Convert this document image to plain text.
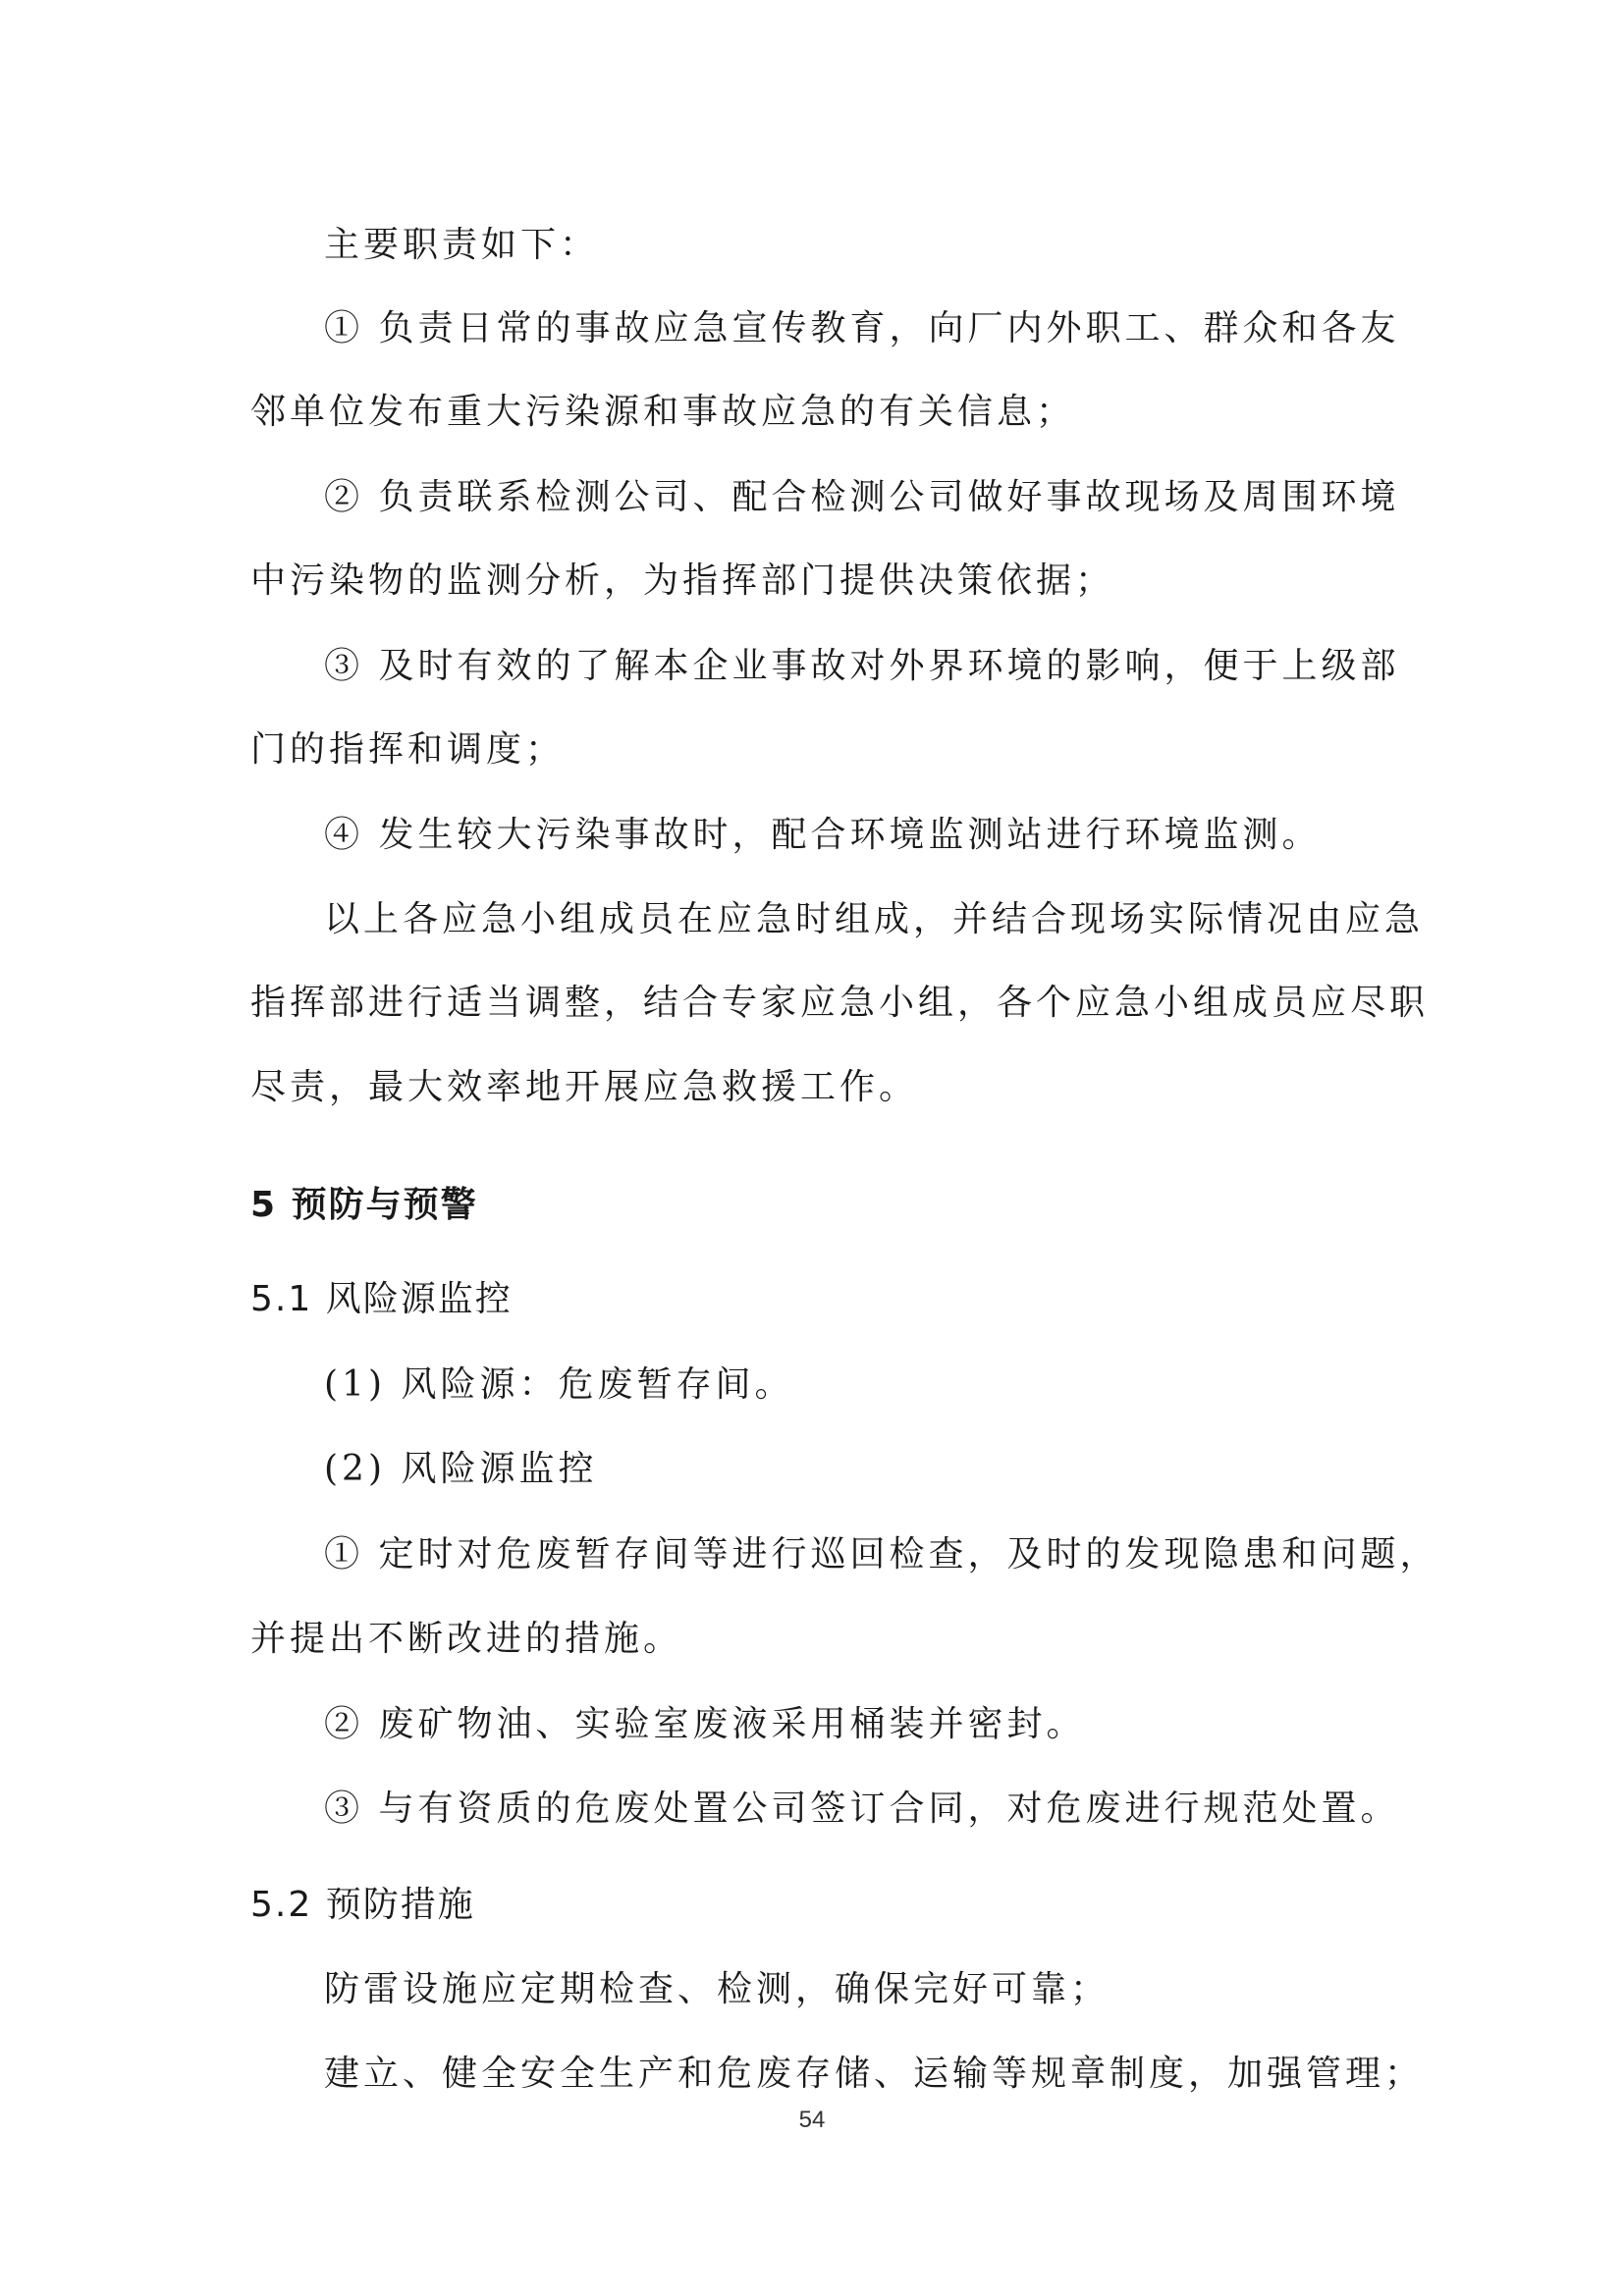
主要职责如下：
① 负责日常的事故应急宣传教育，向厂内外职工、群众和各友
邻单位发布重大污染源和事故应急的有关信息；
② 负责联系检测公司、配合检测公司做好事故现场及周围环境
中污染物的监测分析，为指挥部门提供决策依据；
③ 及时有效的了解本企业事故对外界环境的影响，便于上级部
门的指挥和调度；
④ 发生较大污染事故时，配合环境监测站进行环境监测。
以上各应急小组成员在应急时组成，并结合现场实际情况由应急
指挥部进行适当调整，结合专家应急小组，各个应急小组成员应尽职
尽责，最大效率地开展应急救援工作。
5 预防与预警
5.1 风险源监控
(1) 风险源：危废暂存间。
(2) 风险源监控
① 定时对危废暂存间等进行巡回检查，及时的发现隐患和问题，
并提出不断改进的措施。
② 废矿物油、实验室废液采用桶装并密封。
③ 与有资质的危废处置公司签订合同，对危废进行规范处置。
5.2 预防措施
防雷设施应定期检查、检测，确保完好可靠；
建立、健全安全生产和危废存储、运输等规章制度，加强管理；
54
